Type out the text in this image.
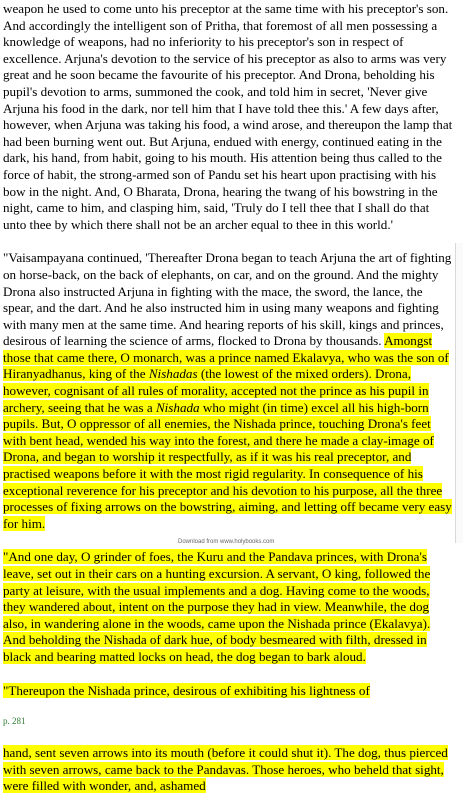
weapon he used to come unto his preceptor at the same time with his preceptor's son. And accordingly the intelligent son of Pritha, that foremost of all men possessing a knowledge of weapons, had no inferiority to his preceptor's son in respect of excellence. Arjuna's devotion to the service of his preceptor as also to arms was very great and he soon became the favourite of his preceptor. And Drona, beholding his pupil's devotion to arms, summoned the cook, and told him in secret, 'Never give Arjuna his food in the dark, nor tell him that I have told thee this.' A few days after, however, when Arjuna was taking his food, a wind arose, and thereupon the lamp that had been burning went out. But Arjuna, endued with energy, continued eating in the dark, his hand, from habit, going to his mouth. His attention being thus called to the force of habit, the strong-armed son of Pandu set his heart upon practising with his bow in the night. And, O Bharata, Drona, hearing the twang of his bowstring in the night, came to him, and clasping him, said, 'Truly do I tell thee that I shall do that unto thee by which there shall not be an archer equal to thee in this world.'

"Vaisampayana continued, 'Thereafter Drona began to teach Arjuna the art of fighting on horse-back, on the back of elephants, on car, and on the ground. And the mighty Drona also instructed Arjuna in fighting with the mace, the sword, the lance, the spear, and the dart. And he also instructed him in using many weapons and fighting with many men at the same time. And hearing reports of his skill, kings and princes, desirous of learning the science of arms, flocked to Drona by thousands. Amongst those that came there, O monarch, was a prince named Ekalavya, who was the son of Hiranyadhanus, king of the Nishadas (the lowest of the mixed orders). Drona, however, cognisant of all rules of morality, accepted not the prince as his pupil in archery, seeing that he was a Nishada who might (in time) excel all his high-born pupils. But, O oppressor of all enemies, the Nishada prince, touching Drona's feet with bent head, wended his way into the forest, and there he made a clay-image of Drona, and began to worship it respectfully, as if it was his real preceptor, and practised weapons before it with the most rigid regularity. In consequence of his exceptional reverence for his preceptor and his devotion to his purpose, all the three processes of fixing arrows on the bowstring, aiming, and letting off became very easy for him.

"And one day, O grinder of foes, the Kuru and the Pandava princes, with Drona's leave, set out in their cars on a hunting excursion. A servant, O king, followed the party at leisure, with the usual implements and a dog. Having come to the woods, they wandered about, intent on the purpose they had in view. Meanwhile, the dog also, in wandering alone in the woods, came upon the Nishada prince (Ekalavya). And beholding the Nishada of dark hue, of body besmeared with filth, dressed in black and bearing matted locks on head, the dog began to bark aloud.

"Thereupon the Nishada prince, desirous of exhibiting his lightness of

p. 281

hand, sent seven arrows into its mouth (before it could shut it). The dog, thus pierced with seven arrows, came back to the Pandavas. Those heroes, who beheld that sight, were filled with wonder, and, ashamed

Download from www.holybooks.com
